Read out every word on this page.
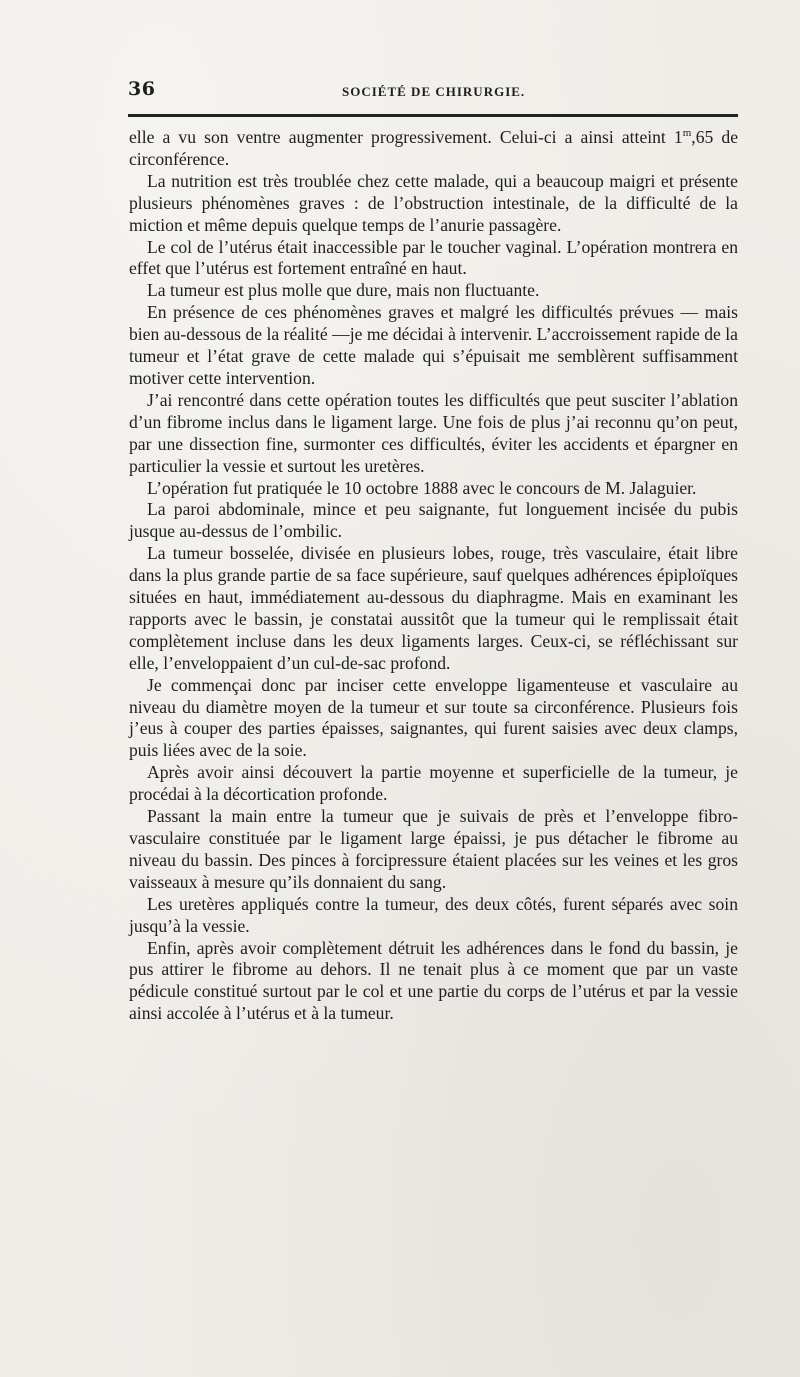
36	SOCIÉTÉ DE CHIRURGIE.

elle a vu son ventre augmenter progressivement. Celui-ci a ainsi atteint 1$^m$,65 de circonférence.

La nutrition est très troublée chez cette malade, qui a beaucoup maigri et présente plusieurs phénomènes graves : de l’obstruction intestinale, de la difficulté de la miction et même depuis quelque temps de l’anurie passagère.

Le col de l’utérus était inaccessible par le toucher vaginal. L’opération montrera en effet que l’utérus est fortement entraîné en haut.

La tumeur est plus molle que dure, mais non fluctuante.

En présence de ces phénomènes graves et malgré les difficultés prévues — mais bien au-dessous de la réalité —je me décidai à intervenir. L’accroissement rapide de la tumeur et l’état grave de cette malade qui s’épuisait me semblèrent suffisamment motiver cette intervention.

J’ai rencontré dans cette opération toutes les difficultés que peut susciter l’ablation d’un fibrome inclus dans le ligament large. Une fois de plus j’ai reconnu qu’on peut, par une dissection fine, surmonter ces difficultés, éviter les accidents et épargner en particulier la vessie et surtout les uretères.

L’opération fut pratiquée le 10 octobre 1888 avec le concours de M. Jalaguier.

La paroi abdominale, mince et peu saignante, fut longuement incisée du pubis jusque au-dessus de l’ombilic.

La tumeur bosselée, divisée en plusieurs lobes, rouge, très vasculaire, était libre dans la plus grande partie de sa face supérieure, sauf quelques adhérences épiploïques situées en haut, immédiatement au-dessous du diaphragme. Mais en examinant les rapports avec le bassin, je constatai aussitôt que la tumeur qui le remplissait était complètement incluse dans les deux ligaments larges. Ceux-ci, se réfléchissant sur elle, l’enveloppaient d’un cul-de-sac profond.

Je commençai donc par inciser cette enveloppe ligamenteuse et vasculaire au niveau du diamètre moyen de la tumeur et sur toute sa circonférence. Plusieurs fois j’eus à couper des parties épaisses, saignantes, qui furent saisies avec deux clamps, puis liées avec de la soie.

Après avoir ainsi découvert la partie moyenne et superficielle de la tumeur, je procédai à la décortication profonde.

Passant la main entre la tumeur que je suivais de près et l’enveloppe fibro-vasculaire constituée par le ligament large épaissi, je pus détacher le fibrome au niveau du bassin. Des pinces à forcipressure étaient placées sur les veines et les gros vaisseaux à mesure qu’ils donnaient du sang.

Les uretères appliqués contre la tumeur, des deux côtés, furent séparés avec soin jusqu’à la vessie.

Enfin, après avoir complètement détruit les adhérences dans le fond du bassin, je pus attirer le fibrome au dehors. Il ne tenait plus à ce moment que par un vaste pédicule constitué surtout par le col et une partie du corps de l’utérus et par la vessie ainsi accolée à l’utérus et à la tumeur.
